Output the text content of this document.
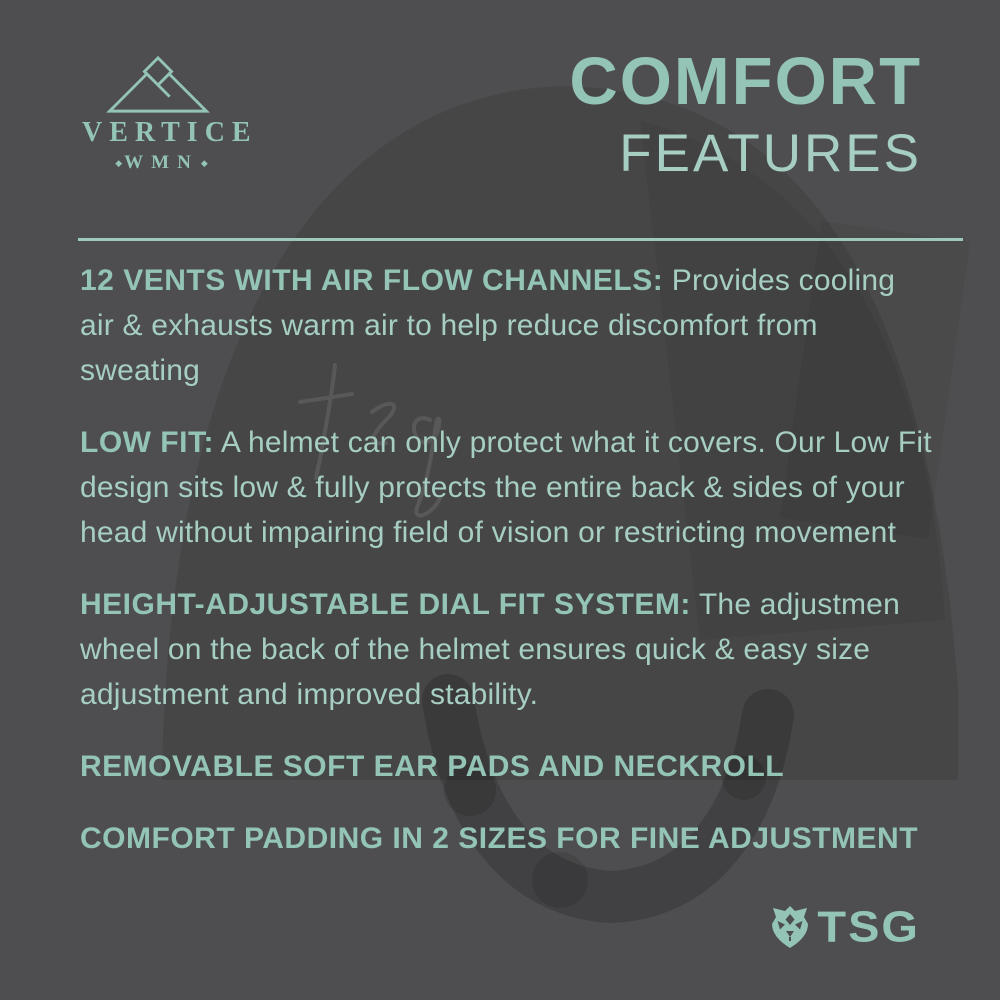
VERTICE
◆ WMN ◆
COMFORT
FEATURES

12 VENTS WITH AIR FLOW CHANNELS: Provides cooling air & exhausts warm air to help reduce discomfort from sweating

LOW FIT: A helmet can only protect what it covers. Our Low Fit design sits low & fully protects the entire back & sides of your head without impairing field of vision or restricting movement

HEIGHT-ADJUSTABLE DIAL FIT SYSTEM: The adjustmen wheel on the back of the helmet ensures quick & easy size adjustment and improved stability.

REMOVABLE SOFT EAR PADS AND NECKROLL

COMFORT PADDING IN 2 SIZES FOR FINE ADJUSTMENT

TSG
